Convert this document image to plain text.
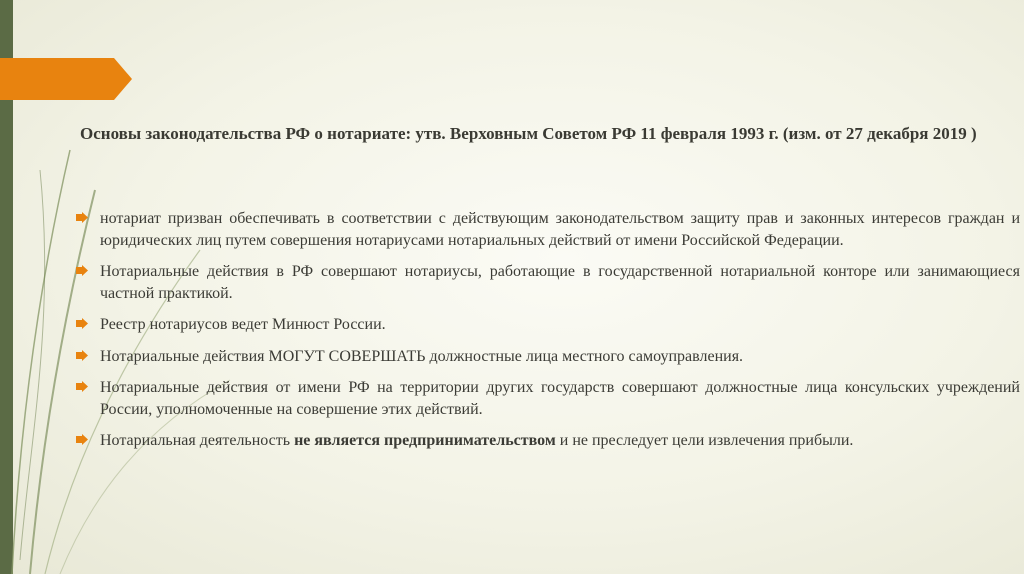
Основы законодательства РФ о нотариате: утв. Верховным Советом РФ 11 февраля 1993 г. (изм. от 27 декабря 2019 )
нотариат призван обеспечивать в соответствии с действующим законодательством защиту прав и законных интересов граждан и юридических лиц путем совершения нотариусами нотариальных действий от имени Российской Федерации.
Нотариальные действия в РФ совершают нотариусы, работающие в государственной нотариальной конторе или занимающиеся частной практикой.
Реестр нотариусов ведет Минюст России.
Нотариальные действия МОГУТ СОВЕРШАТЬ должностные лица местного самоуправления.
Нотариальные действия от имени РФ на территории других государств совершают должностные лица консульских учреждений России, уполномоченные на совершение этих действий.
Нотариальная деятельность не является предпринимательством и не преследует цели извлечения прибыли.
